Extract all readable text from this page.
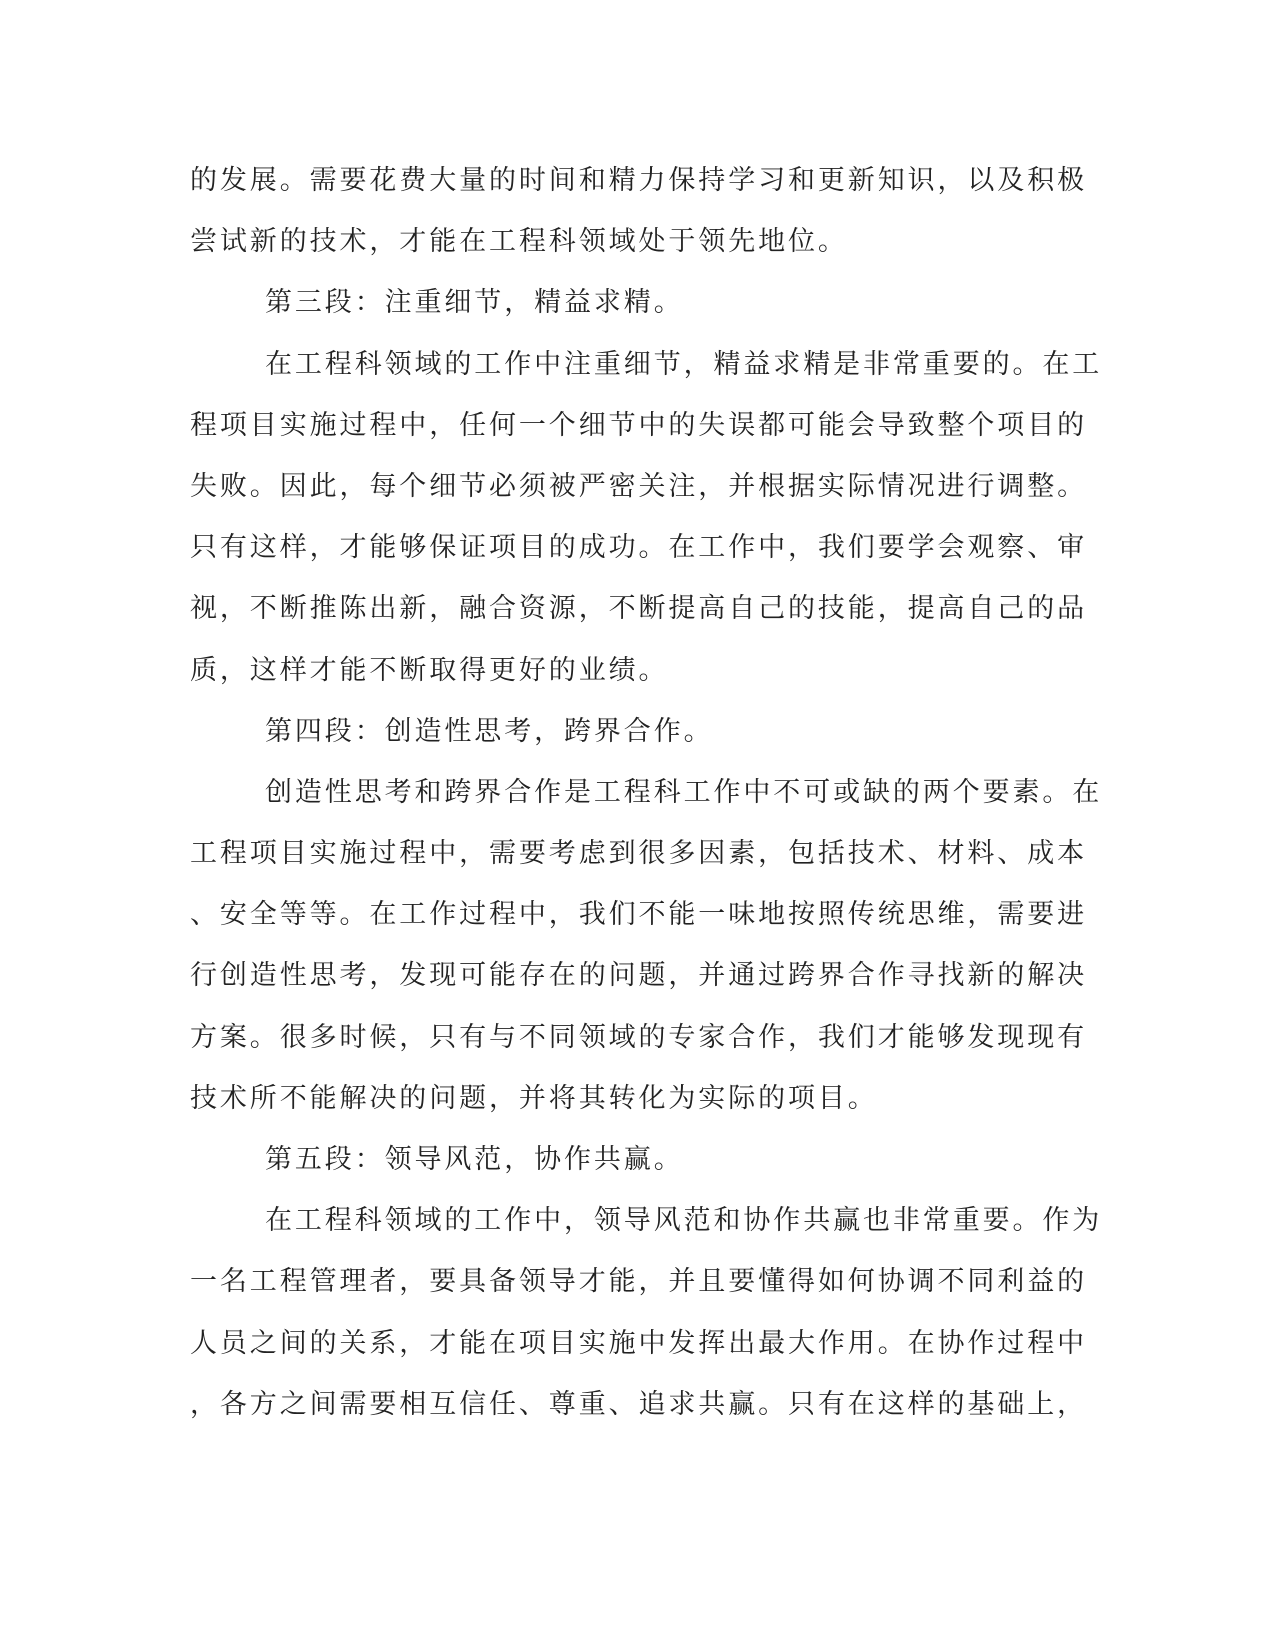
的发展。需要花费大量的时间和精力保持学习和更新知识，以及积极
尝试新的技术，才能在工程科领域处于领先地位。
第三段：注重细节，精益求精。
在工程科领域的工作中注重细节，精益求精是非常重要的。在工
程项目实施过程中，任何一个细节中的失误都可能会导致整个项目的
失败。因此，每个细节必须被严密关注，并根据实际情况进行调整。
只有这样，才能够保证项目的成功。在工作中，我们要学会观察、审
视，不断推陈出新，融合资源，不断提高自己的技能，提高自己的品
质，这样才能不断取得更好的业绩。
第四段：创造性思考，跨界合作。
创造性思考和跨界合作是工程科工作中不可或缺的两个要素。在
工程项目实施过程中，需要考虑到很多因素，包括技术、材料、成本
、安全等等。在工作过程中，我们不能一味地按照传统思维，需要进
行创造性思考，发现可能存在的问题，并通过跨界合作寻找新的解决
方案。很多时候，只有与不同领域的专家合作，我们才能够发现现有
技术所不能解决的问题，并将其转化为实际的项目。
第五段：领导风范，协作共赢。
在工程科领域的工作中，领导风范和协作共赢也非常重要。作为
一名工程管理者，要具备领导才能，并且要懂得如何协调不同利益的
人员之间的关系，才能在项目实施中发挥出最大作用。在协作过程中
，各方之间需要相互信任、尊重、追求共赢。只有在这样的基础上，
